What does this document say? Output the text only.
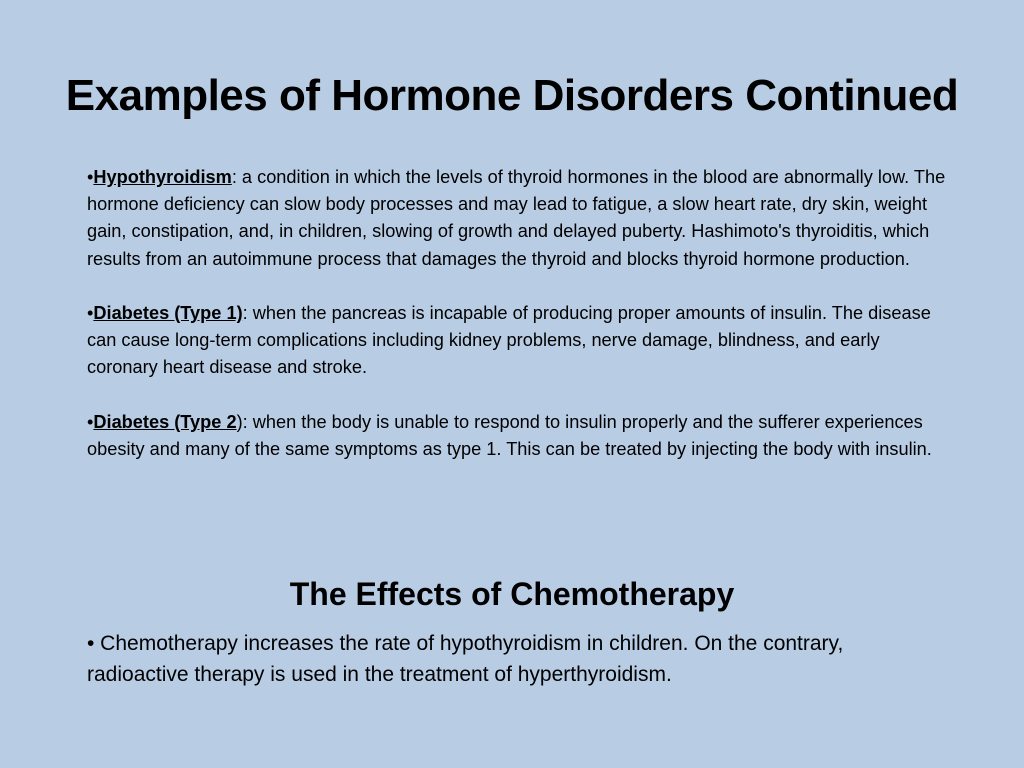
Examples of Hormone Disorders Continued

•Hypothyroidism: a condition in which the levels of thyroid hormones in the blood are abnormally low. The hormone deficiency can slow body processes and may lead to fatigue, a slow heart rate, dry skin, weight gain, constipation, and, in children, slowing of growth and delayed puberty. Hashimoto's thyroiditis, which results from an autoimmune process that damages the thyroid and blocks thyroid hormone production.

•Diabetes (Type 1): when the pancreas is incapable of producing proper amounts of insulin. The disease can cause long-term complications including kidney problems, nerve damage, blindness, and early coronary heart disease and stroke.

•Diabetes (Type 2): when the body is unable to respond to insulin properly and the sufferer experiences obesity and many of the same symptoms as type 1. This can be treated by injecting the body with insulin.

The Effects of Chemotherapy

• Chemotherapy increases the rate of hypothyroidism in children. On the contrary, radioactive therapy is used in the treatment of hyperthyroidism.
